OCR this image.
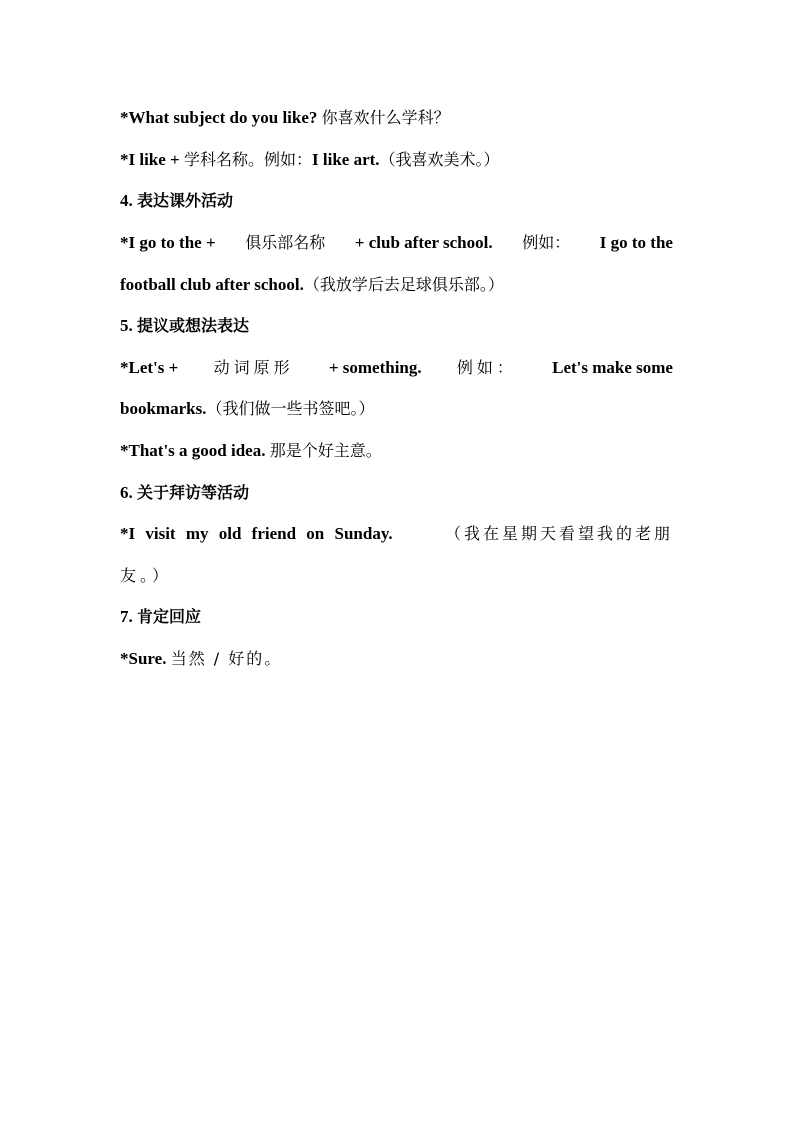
*What subject do you like? 你喜欢什么学科？
*I like + 学科名称。例如：I like art.（我喜欢美术。）
4. 表达课外活动
*I go to the + 俱乐部名称 + club after school. 例如： I go to the
football club after school.（我放学后去足球俱乐部。）
5. 提议或想法表达
*Let's + 动词原形 + something. 例如： Let's make some
bookmarks.（我们做一些书签吧。）
*That's a good idea. 那是个好主意。
6. 关于拜访等活动
*I visit my old friend on Sunday.	（我在星期天看望我的老朋
友。）
7. 肯定回应
*Sure. 当然 / 好的。
